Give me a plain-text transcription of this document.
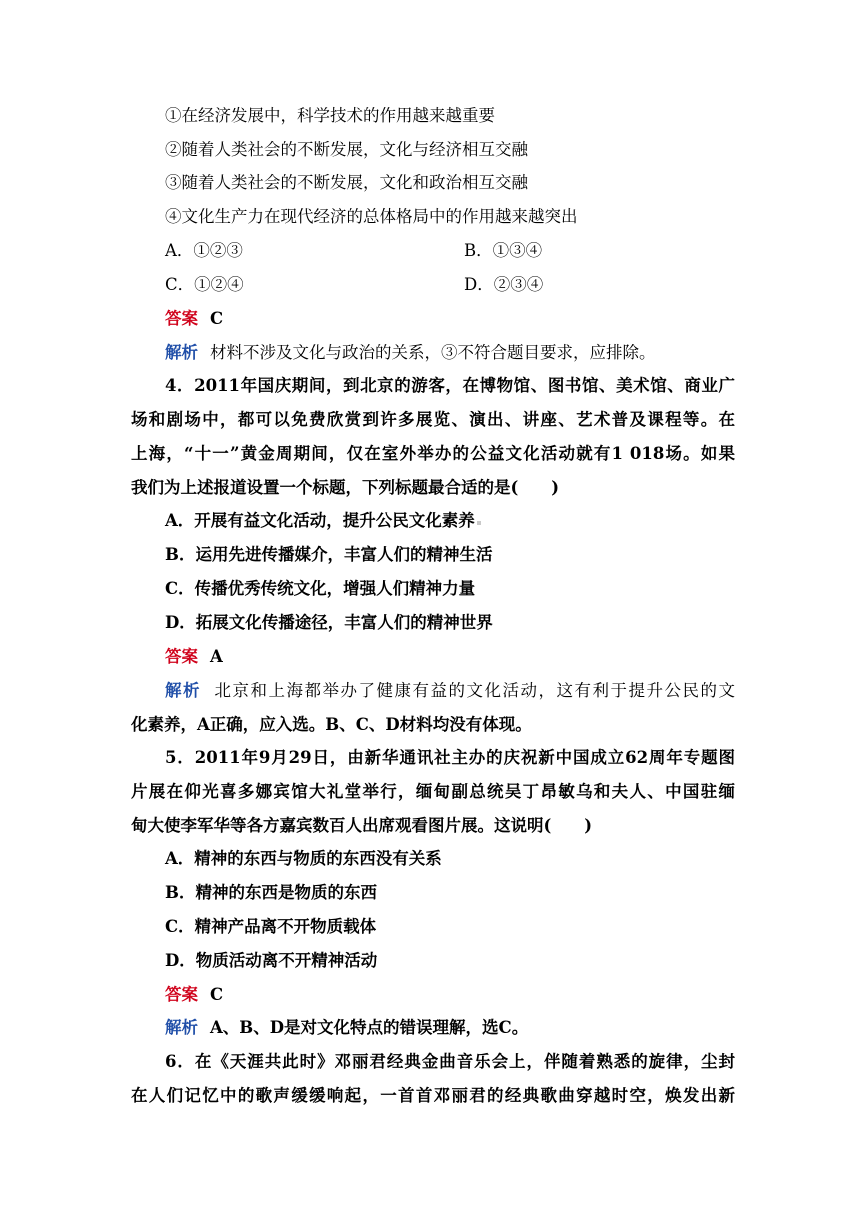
①在经济发展中，科学技术的作用越来越重要
②随着人类社会的不断发展，文化与经济相互交融
③随着人类社会的不断发展，文化和政治相互交融
④文化生产力在现代经济的总体格局中的作用越来越突出
A．①②③	B．①③④
C．①②④	D．②③④
答案 C
解析 材料不涉及文化与政治的关系，③不符合题目要求，应排除。
4．2011年国庆期间，到北京的游客，在博物馆、图书馆、美术馆、商业广
场和剧场中，都可以免费欣赏到许多展览、演出、讲座、艺术普及课程等。在
上海，“十一”黄金周期间，仅在室外举办的公益文化活动就有1 018场。如果
我们为上述报道设置一个标题，下列标题最合适的是(　　)
A．开展有益文化活动，提升公民文化素养
B．运用先进传播媒介，丰富人们的精神生活
C．传播优秀传统文化，增强人们精神力量
D．拓展文化传播途径，丰富人们的精神世界
答案 A
解析 北京和上海都举办了健康有益的文化活动，这有利于提升公民的文
化素养，A正确，应入选。B、C、D材料均没有体现。
5．2011年9月29日，由新华通讯社主办的庆祝新中国成立62周年专题图
片展在仰光喜多娜宾馆大礼堂举行，缅甸副总统吴丁昂敏乌和夫人、中国驻缅
甸大使李军华等各方嘉宾数百人出席观看图片展。这说明(　　)
A．精神的东西与物质的东西没有关系
B．精神的东西是物质的东西
C．精神产品离不开物质载体
D．物质活动离不开精神活动
答案 C
解析 A、B、D是对文化特点的错误理解，选C。
6．在《天涯共此时》邓丽君经典金曲音乐会上，伴随着熟悉的旋律，尘封
在人们记忆中的歌声缓缓响起，一首首邓丽君的经典歌曲穿越时空，焕发出新
